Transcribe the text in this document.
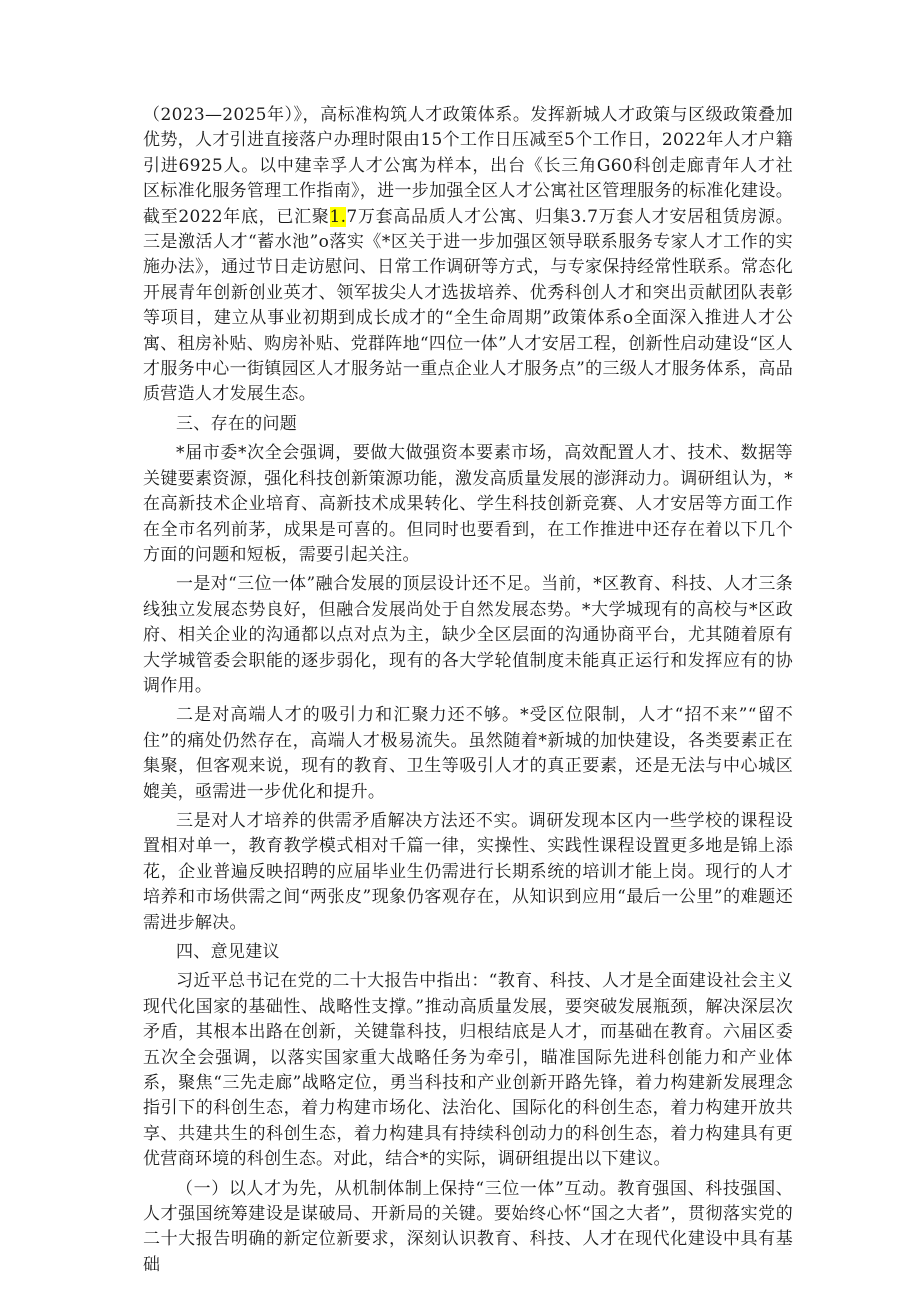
（2023—2025年）》，高标准构筑人才政策体系。发挥新城人才政策与区级政策叠加优势，人才引进直接落户办理时限由15个工作日压减至5个工作日，2022年人才户籍引进6925人。以中建幸孚人才公寓为样本，出台《长三角G60科创走廊青年人才社区标准化服务管理工作指南》，进一步加强全区人才公寓社区管理服务的标准化建设。截至2022年底，已汇聚1.7万套高品质人才公寓、归集3.7万套人才安居租赁房源。三是激活人才“蓄水池”o落实《*区关于进一步加强区领导联系服务专家人才工作的实施办法》，通过节日走访慰问、日常工作调研等方式，与专家保持经常性联系。常态化开展青年创新创业英才、领军拔尖人才选拔培养、优秀科创人才和突出贡献团队表彰等项目，建立从事业初期到成长成才的“全生命周期”政策体系o全面深入推进人才公寓、租房补贴、购房补贴、党群阵地“四位一体”人才安居工程，创新性启动建设“区人才服务中心一街镇园区人才服务站一重点企业人才服务点”的三级人才服务体系，高品质营造人才发展生态。

三、存在的问题

*届市委*次全会强调，要做大做强资本要素市场，高效配置人才、技术、数据等关键要素资源，强化科技创新策源功能，激发高质量发展的澎湃动力。调研组认为，*在高新技术企业培育、高新技术成果转化、学生科技创新竞赛、人才安居等方面工作在全市名列前茅，成果是可喜的。但同时也要看到，在工作推进中还存在着以下几个方面的问题和短板，需要引起关注。

一是对“三位一体”融合发展的顶层设计还不足。当前，*区教育、科技、人才三条线独立发展态势良好，但融合发展尚处于自然发展态势。*大学城现有的高校与*区政府、相关企业的沟通都以点对点为主，缺少全区层面的沟通协商平台，尤其随着原有大学城管委会职能的逐步弱化，现有的各大学轮值制度未能真正运行和发挥应有的协调作用。

二是对高端人才的吸引力和汇聚力还不够。*受区位限制，人才“招不来”“留不住”的痛处仍然存在，高端人才极易流失。虽然随着*新城的加快建设，各类要素正在集聚，但客观来说，现有的教育、卫生等吸引人才的真正要素，还是无法与中心城区媲美，亟需进一步优化和提升。

三是对人才培养的供需矛盾解决方法还不实。调研发现本区内一些学校的课程设置相对单一，教育教学模式相对千篇一律，实操性、实践性课程设置更多地是锦上添花，企业普遍反映招聘的应届毕业生仍需进行长期系统的培训才能上岗。现行的人才培养和市场供需之间“两张皮”现象仍客观存在，从知识到应用“最后一公里”的难题还需进步解决。

四、意见建议

习近平总书记在党的二十大报告中指出：“教育、科技、人才是全面建设社会主义现代化国家的基础性、战略性支撑。”推动高质量发展，要突破发展瓶颈，解决深层次矛盾，其根本出路在创新，关键靠科技，归根结底是人才，而基础在教育。六届区委五次全会强调，以落实国家重大战略任务为牵引，瞄准国际先进科创能力和产业体系，聚焦“三先走廊”战略定位，勇当科技和产业创新开路先锋，着力构建新发展理念指引下的科创生态，着力构建市场化、法治化、国际化的科创生态，着力构建开放共享、共建共生的科创生态，着力构建具有持续科创动力的科创生态，着力构建具有更优营商环境的科创生态。对此，结合*的实际，调研组提出以下建议。

（一）以人才为先，从机制体制上保持“三位一体”互动。教育强国、科技强国、人才强国统筹建设是谋破局、开新局的关键。要始终心怀“国之大者”，贯彻落实党的二十大报告明确的新定位新要求，深刻认识教育、科技、人才在现代化建设中具有基础
